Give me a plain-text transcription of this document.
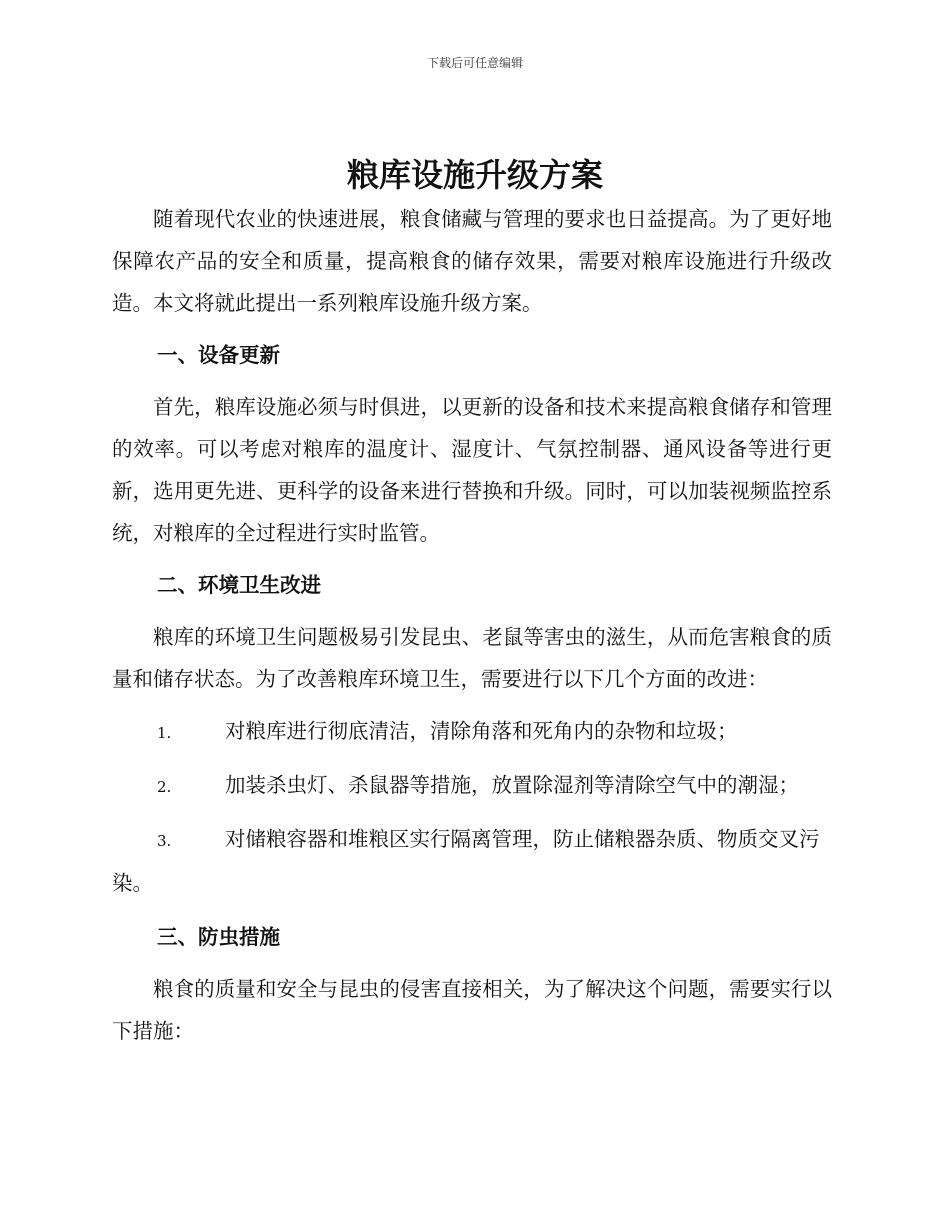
下载后可任意编辑
粮库设施升级方案

随着现代农业的快速进展，粮食储藏与管理的要求也日益提高。为了更好地保障农产品的安全和质量，提高粮食的储存效果，需要对粮库设施进行升级改造。本文将就此提出一系列粮库设施升级方案。

一、设备更新

首先，粮库设施必须与时俱进，以更新的设备和技术来提高粮食储存和管理的效率。可以考虑对粮库的温度计、湿度计、气氛控制器、通风设备等进行更新，选用更先进、更科学的设备来进行替换和升级。同时，可以加装视频监控系统，对粮库的全过程进行实时监管。

二、环境卫生改进

粮库的环境卫生问题极易引发昆虫、老鼠等害虫的滋生，从而危害粮食的质量和储存状态。为了改善粮库环境卫生，需要进行以下几个方面的改进：

1.	对粮库进行彻底清洁，清除角落和死角内的杂物和垃圾；
2.	加装杀虫灯、杀鼠器等措施，放置除湿剂等清除空气中的潮湿；
3.	对储粮容器和堆粮区实行隔离管理，防止储粮器杂质、物质交叉污染。
三、防虫措施

粮食的质量和安全与昆虫的侵害直接相关，为了解决这个问题，需要实行以下措施：
